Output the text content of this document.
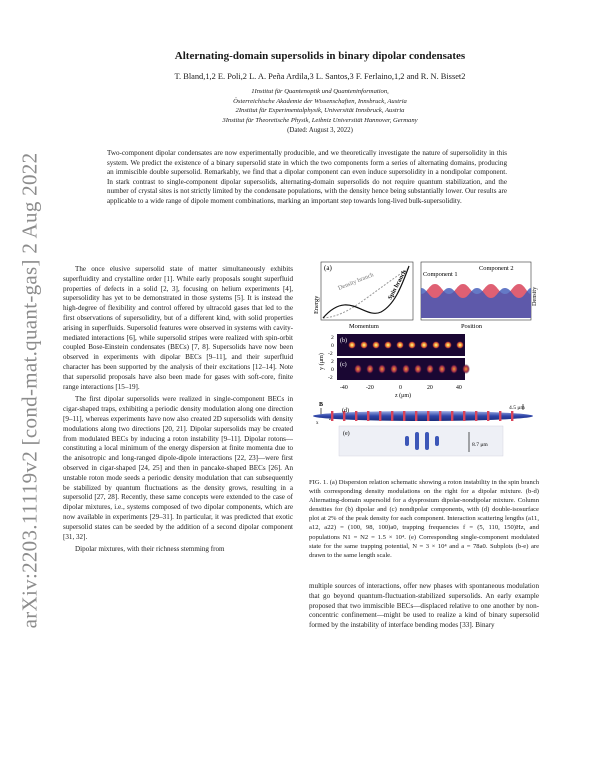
arXiv:2203.11119v2 [cond-mat.quant-gas] 2 Aug 2022
Alternating-domain supersolids in binary dipolar condensates
T. Bland,1,2 E. Poli,2 L. A. Peña Ardila,3 L. Santos,3 F. Ferlaino,1,2 and R. N. Bisset2
1Institut für Quantenoptik und Quanteninformation,
Österreichische Akademie der Wissenschaften, Innsbruck, Austria
2Institut für Experimentalphysik, Universität Innsbruck, Austria
3Institut für Theoretische Physik, Leibniz Universität Hannover, Germany
(Dated: August 3, 2022)
Two-component dipolar condensates are now experimentally producible, and we theoretically investigate the nature of supersolidity in this system. We predict the existence of a binary supersolid state in which the two components form a series of alternating domains, producing an immiscible double supersolid. Remarkably, we find that a dipolar component can even induce supersolidity in a nondipolar component. In stark contrast to single-component dipolar supersolids, alternating-domain supersolids do not require quantum stabilization, and the number of crystal sites is not strictly limited by the condensate populations, with the density hence being substantially lower. Our results are applicable to a wide range of dipole moment combinations, marking an important step towards long-lived bulk-supersolidity.

The once elusive supersolid state of matter simultaneously exhibits superfluidity and crystalline order [1]. While early proposals sought superfluid properties of defects in a solid [2, 3], focusing on helium experiments [4], supersolidity has yet to be demonstrated in those systems [5]. It is instead the high-degree of flexibility and control offered by ultracold gases that led to the first observations of supersolidity, but of a different kind, with solid properties arising in superfluids. Supersolid features were observed in systems with cavity-mediated interactions [6], while supersolid stripes were realized with spin-orbit coupled Bose-Einstein condensates (BECs) [7, 8]. Supersolids have now been observed in experiments with dipolar BECs [9–11], and their superfluid character has been supported by the analysis of their excitations [12–14]. Note that supersolid proposals have also been made for gases with soft-core, finite range interactions [15–19].

The first dipolar supersolids were realized in single-component BECs in cigar-shaped traps, exhibiting a periodic density modulation along one direction [9–11], whereas experiments have now also created 2D supersolids with density modulations along two directions [20, 21]. Dipolar supersolids may be created from modulated BECs by inducing a roton instability [9–11]. Dipolar rotons—constituting a local minimum of the energy dispersion at finite momenta due to the anisotropic and long-ranged dipole-dipole interactions [22, 23]—were first observed in cigar-shaped [24, 25] and then in pancake-shaped BECs [26]. An unstable roton mode seeds a periodic density modulation that can subsequently be stabilized by quantum fluctuations as the density grows, resulting in a supersolid [27, 28]. Recently, these same concepts were extended to the case of dipolar mixtures, i.e., systems composed of two dipolar components, which are now available in experiments [29–31]. In particular, it was predicted that exotic supersolid states can be seeded by the addition of a second dipolar component [31, 32].

Dipolar mixtures, with their richness stemming from

(a)
Density branch Spin branch
Energy
Momentum
Component 1
Component 2
Density
Position
(b)
(c)
y (μm)
2
0
-2
2
0
-2
-40	-20	0	20	40
z (μm)
B
z
x
(d)	4.5 μm
(e)
8.7 μm
FIG. 1. (a) Dispersion relation schematic showing a roton instability in the spin branch with corresponding density modulations on the right for a dipolar mixture. (b-d) Alternating-domain supersolid for a dysprosium dipolar-nondipolar mixture. Column densities for (b) dipolar and (c) nondipolar components, with (d) double-isosurface plot at 2% of the peak density for each component. Interaction scattering lengths (a11, a12, a22) = (100, 98, 100)a0, trapping frequencies f = (5, 110, 150)Hz, and populations N1 = N2 = 1.5 × 10⁴. (e) Corresponding single-component modulated state for the same trapping potential, N = 3 × 10⁴ and a = 78a0. Subplots (b-e) are drawn to the same length scale.
multiple sources of interactions, offer new phases with spontaneous modulation that go beyond quantum-fluctuation-stabilized supersolids. An early example proposed that two immiscible BECs—displaced relative to one another by non-concentric confinement—might be used to realize a kind of binary supersolid formed by the instability of interface bending modes [33]. Binary
